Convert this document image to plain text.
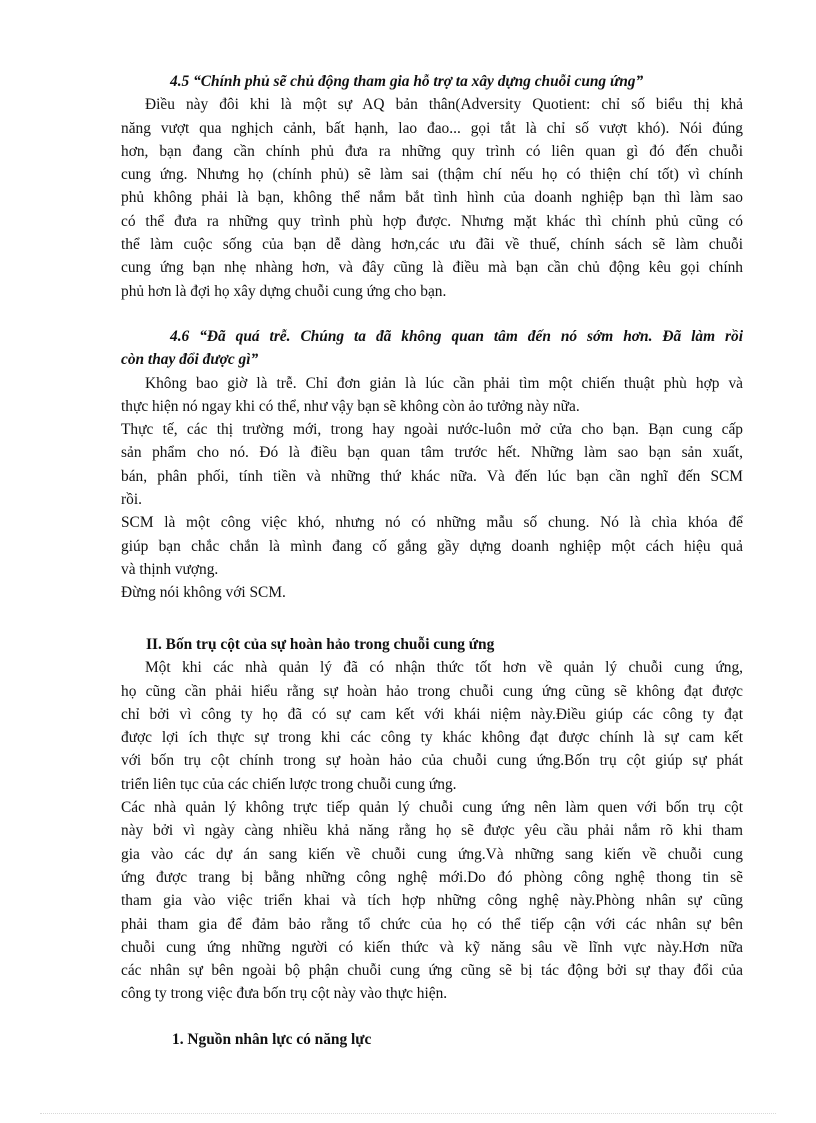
4.5 “Chính phủ sẽ chủ động tham gia hỗ trợ ta xây dựng chuỗi cung ứng”
Điều này đôi khi là một sự AQ bản thân(Adversity Quotient: chỉ số biểu thị khả
năng vượt qua nghịch cảnh, bất hạnh, lao đao... gọi tắt là chỉ số vượt khó). Nói đúng
hơn, bạn đang cần chính phủ đưa ra những quy trình có liên quan gì đó đến chuỗi
cung ứng. Nhưng họ (chính phủ) sẽ làm sai (thậm chí nếu họ có thiện chí tốt) vì chính
phủ không phải là bạn, không thể nắm bắt tình hình của doanh nghiệp bạn thì làm sao
có thể đưa ra những quy trình phù hợp được. Nhưng mặt khác thì chính phủ cũng có
thể làm cuộc sống của bạn dễ dàng hơn,các ưu đãi về thuế, chính sách sẽ làm chuỗi
cung ứng bạn nhẹ nhàng hơn, và đây cũng là điều mà bạn cần chủ động kêu gọi chính
phủ hơn là đợi họ xây dựng chuỗi cung ứng cho bạn.
4.6 “Đã quá trễ. Chúng ta đã không quan tâm đến nó sớm hơn. Đã làm rồi
còn thay đổi được gì”
Không bao giờ là trễ. Chỉ đơn giản là lúc cần phải tìm một chiến thuật phù hợp và
thực hiện nó ngay khi có thể, như vậy bạn sẽ không còn ảo tưởng này nữa.
Thực tế, các thị trường mới, trong hay ngoài nước-luôn mở cửa cho bạn. Bạn cung cấp
sản phẩm cho nó. Đó là điều bạn quan tâm trước hết. Những làm sao bạn sản xuất,
bán, phân phối, tính tiền và những thứ khác nữa. Và đến lúc bạn cần nghĩ đến SCM
rồi.
SCM là một công việc khó, nhưng nó có những mẫu số chung. Nó là chìa khóa để
giúp bạn chắc chắn là mình đang cố gắng gầy dựng doanh nghiệp một cách hiệu quả
và thịnh vượng.
Đừng nói không với SCM.
II. Bốn trụ cột của sự hoàn hảo trong chuỗi cung ứng
Một khi các nhà quản lý đã có nhận thức tốt hơn về quản lý chuỗi cung ứng,
họ cũng cần phải hiểu rằng sự hoàn hảo trong chuỗi cung ứng cũng sẽ không đạt được
chỉ bởi vì công ty họ đã có sự cam kết với khái niệm này.Điều giúp các công ty đạt
được lợi ích thực sự trong khi các công ty khác không đạt được chính là sự cam kết
với bốn trụ cột chính trong sự hoàn hảo của chuỗi cung ứng.Bốn trụ cột giúp sự phát
triển liên tục của các chiến lược trong chuỗi cung ứng.
Các nhà quản lý không trực tiếp quản lý chuỗi cung ứng nên làm quen với bốn trụ cột
này bởi vì ngày càng nhiều khả năng rằng họ sẽ được yêu cầu phải nắm rõ khi tham
gia vào các dự án sang kiến về chuỗi cung ứng.Và những sang kiến về chuỗi cung
ứng được trang bị bằng những công nghệ mới.Do đó phòng công nghệ thong tin sẽ
tham gia vào việc triển khai và tích hợp những công nghệ này.Phòng nhân sự cũng
phải tham gia để đảm bảo rằng tổ chức của họ có thể tiếp cận với các nhân sự bên
chuỗi cung ứng những người có kiến thức và kỹ năng sâu về lĩnh vực này.Hơn nữa
các nhân sự bên ngoài bộ phận chuỗi cung ứng cũng sẽ bị tác động bởi sự thay đổi của
công ty trong việc đưa bốn trụ cột này vào thực hiện.
1. Nguồn nhân lực có năng lực
